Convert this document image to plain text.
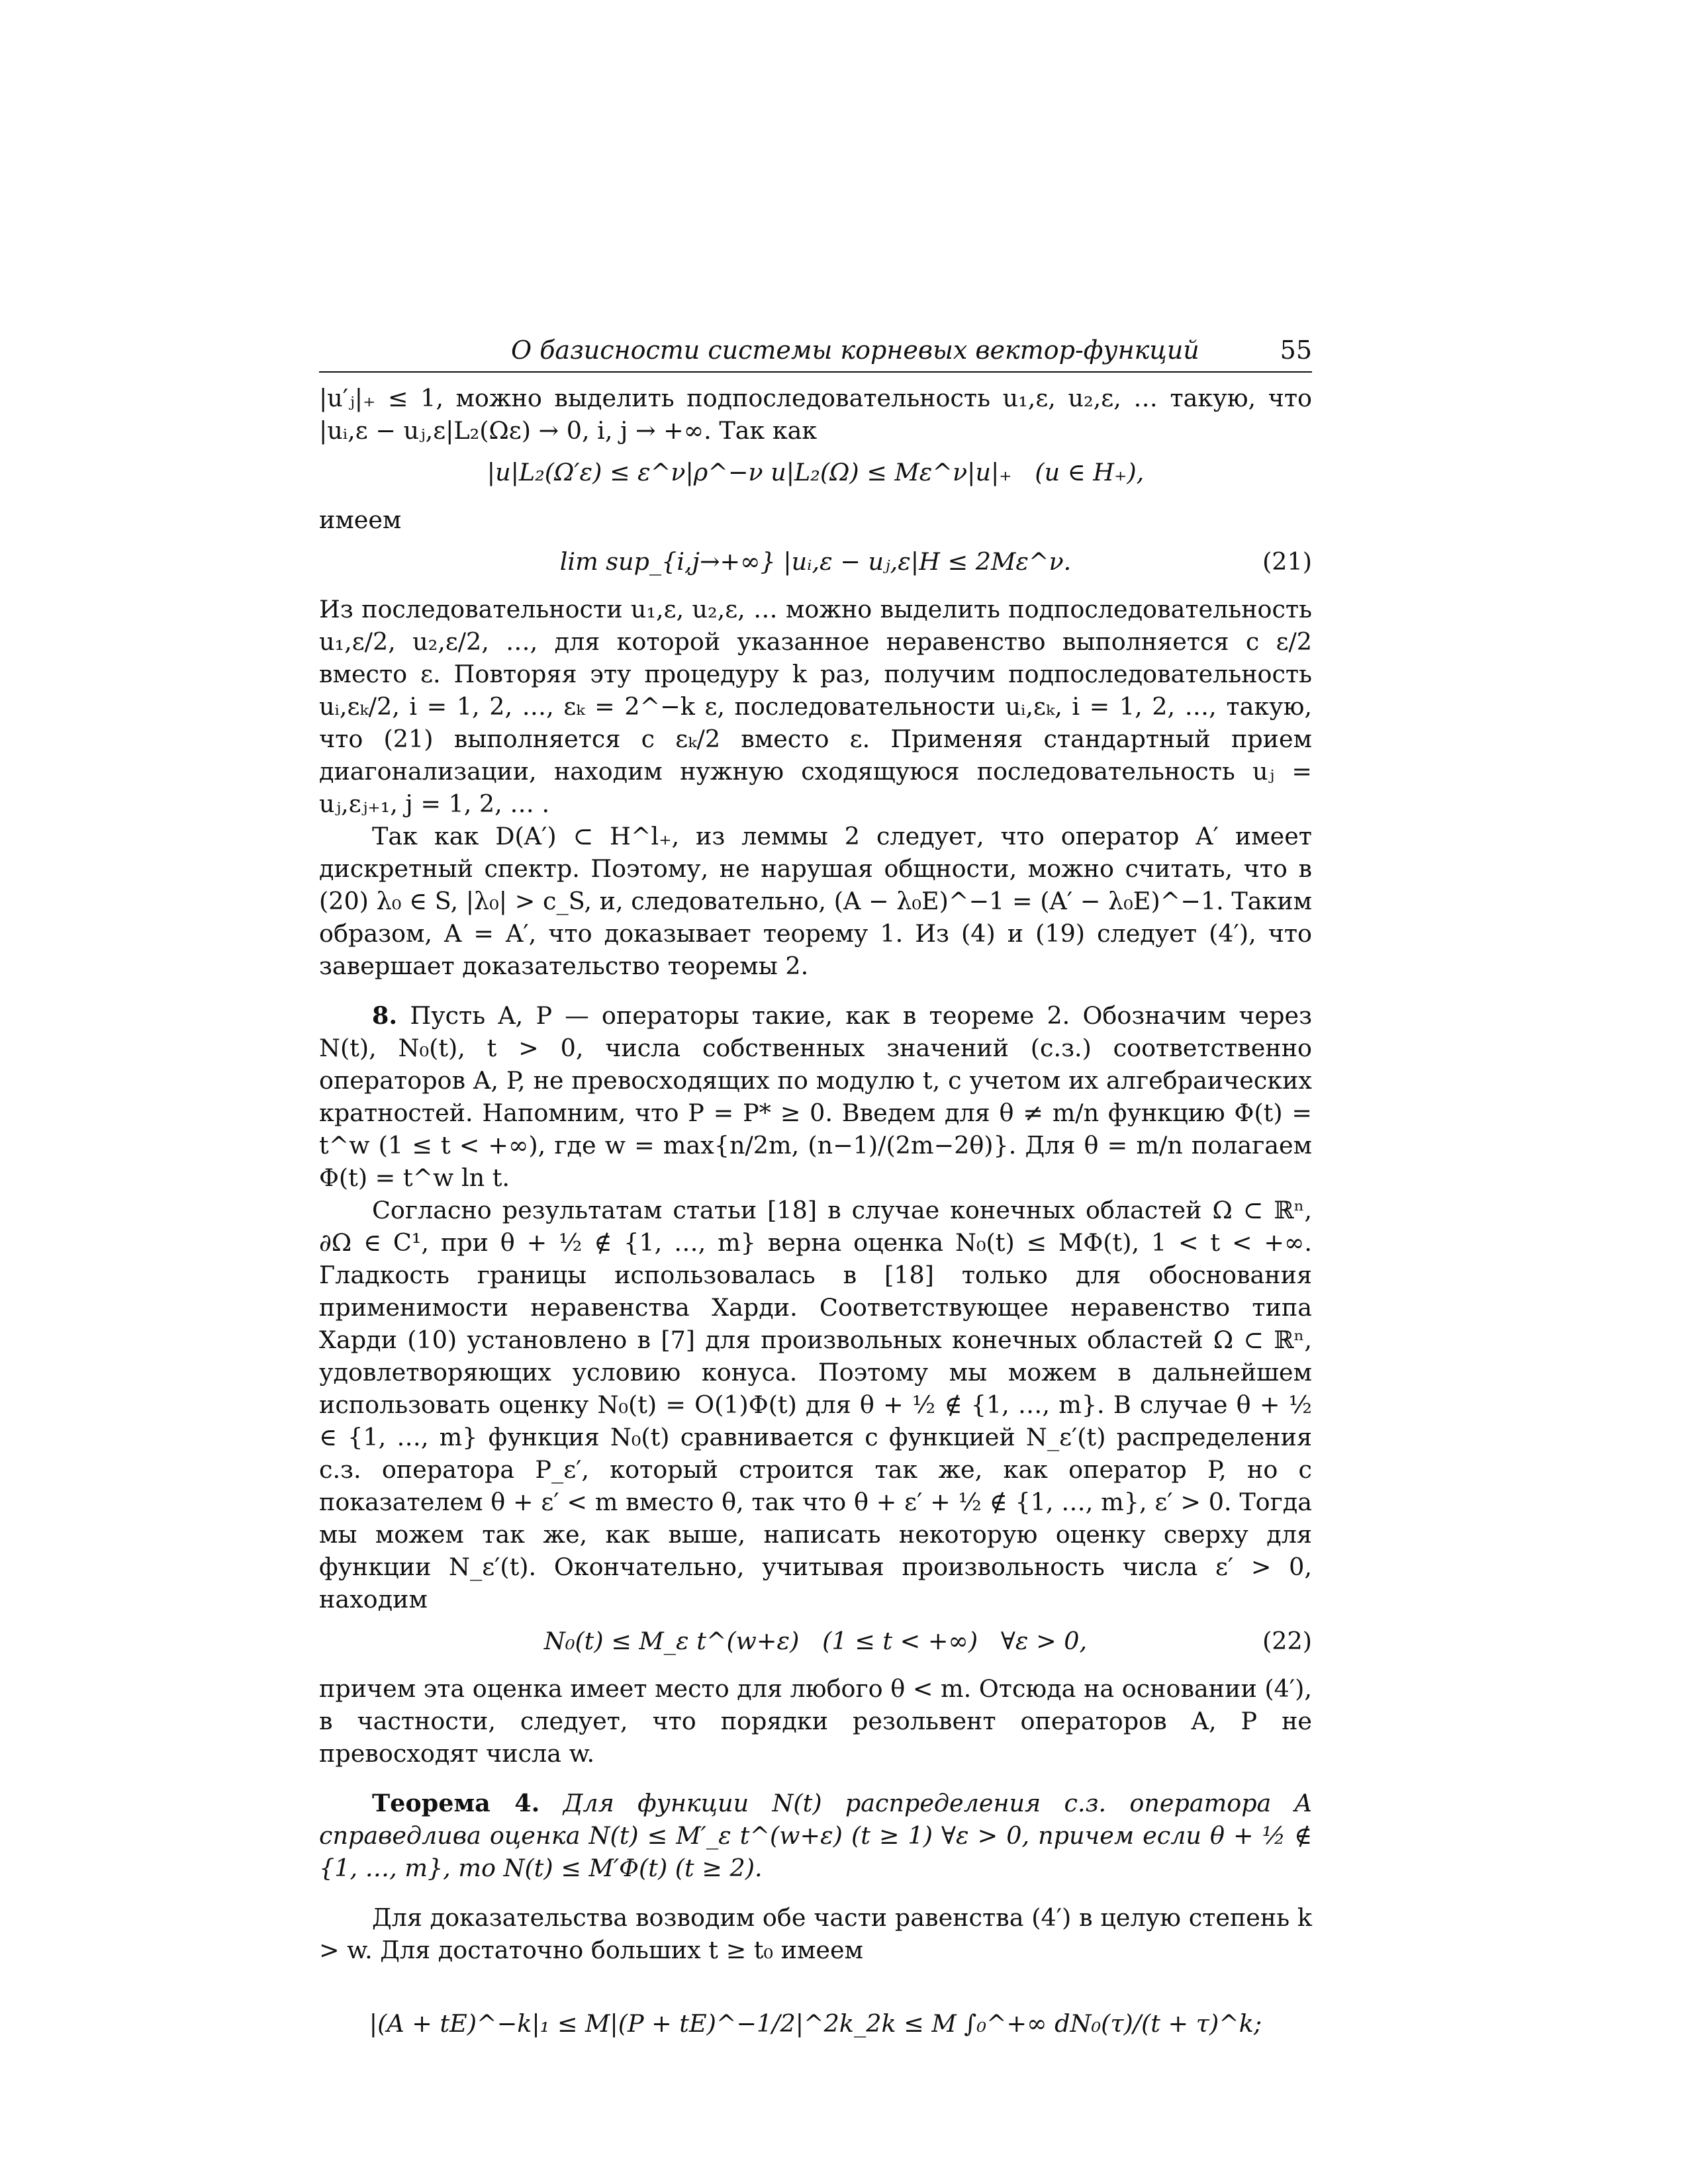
О базисности системы корневых вектор-функций	55

|u′ⱼ|₊ ≤ 1, можно выделить подпоследовательность u₁,ε, u₂,ε, … такую, что |uᵢ,ε − uⱼ,ε|L₂(Ωε) → 0, i, j → +∞. Так как

|u|L₂(Ω′ε) ≤ ε^ν|ρ^−ν u|L₂(Ω) ≤ Mε^ν|u|₊   (u ∈ H₊),

имеем

lim sup_{i,j→+∞} |uᵢ,ε − uⱼ,ε|H ≤ 2Mε^ν.	(21)

Из последовательности u₁,ε, u₂,ε, … можно выделить подпоследовательность u₁,ε/2, u₂,ε/2, …, для которой указанное неравенство выполняется с ε/2 вместо ε. Повторяя эту процедуру k раз, получим подпоследовательность uᵢ,εₖ/2, i = 1, 2, …, εₖ = 2^−k ε, последовательности uᵢ,εₖ, i = 1, 2, …, такую, что (21) выполняется с εₖ/2 вместо ε. Применяя стандартный прием диагонализации, находим нужную сходящуюся последовательность uⱼ = uⱼ,εⱼ₊₁, j = 1, 2, … .

Так как D(A′) ⊂ H^l₊, из леммы 2 следует, что оператор A′ имеет дискретный спектр. Поэтому, не нарушая общности, можно считать, что в (20) λ₀ ∈ S, |λ₀| > c_S, и, следовательно, (A − λ₀E)^−1 = (A′ − λ₀E)^−1. Таким образом, A = A′, что доказывает теорему 1. Из (4) и (19) следует (4′), что завершает доказательство теоремы 2.

8. Пусть A, P — операторы такие, как в теореме 2. Обозначим через N(t), N₀(t), t > 0, числа собственных значений (с.з.) соответственно операторов A, P, не превосходящих по модулю t, с учетом их алгебраических кратностей. Напомним, что P = P* ≥ 0. Введем для θ ≠ m/n функцию Φ(t) = t^w (1 ≤ t < +∞), где w = max{n/2m, (n−1)/(2m−2θ)}. Для θ = m/n полагаем Φ(t) = t^w ln t.

Согласно результатам статьи [18] в случае конечных областей Ω ⊂ ℝⁿ, ∂Ω ∈ C¹, при θ + ½ ∉ {1, …, m} верна оценка N₀(t) ≤ MΦ(t), 1 < t < +∞. Гладкость границы использовалась в [18] только для обоснования применимости неравенства Харди. Соответствующее неравенство типа Харди (10) установлено в [7] для произвольных конечных областей Ω ⊂ ℝⁿ, удовлетворяющих условию конуса. Поэтому мы можем в дальнейшем использовать оценку N₀(t) = O(1)Φ(t) для θ + ½ ∉ {1, …, m}. В случае θ + ½ ∈ {1, …, m} функция N₀(t) сравнивается с функцией N_ε′(t) распределения с.з. оператора P_ε′, который строится так же, как оператор P, но с показателем θ + ε′ < m вместо θ, так что θ + ε′ + ½ ∉ {1, …, m}, ε′ > 0. Тогда мы можем так же, как выше, написать некоторую оценку сверху для функции N_ε′(t). Окончательно, учитывая произвольность числа ε′ > 0, находим

N₀(t) ≤ M_ε t^(w+ε)   (1 ≤ t < +∞)   ∀ε > 0,	(22)

причем эта оценка имеет место для любого θ < m. Отсюда на основании (4′), в частности, следует, что порядки резольвент операторов A, P не превосходят числа w.

Теорема 4. Для функции N(t) распределения с.з. оператора A справедлива оценка N(t) ≤ M′_ε t^(w+ε) (t ≥ 1) ∀ε > 0, причем если θ + ½ ∉ {1, …, m}, то N(t) ≤ M′Φ(t) (t ≥ 2).

Для доказательства возводим обе части равенства (4′) в целую степень k > w. Для достаточно больших t ≥ t₀ имеем

|(A + tE)^−k|₁ ≤ M|(P + tE)^−1/2|^2k_2k ≤ M ∫₀^+∞ dN₀(τ)/(t + τ)^k;
